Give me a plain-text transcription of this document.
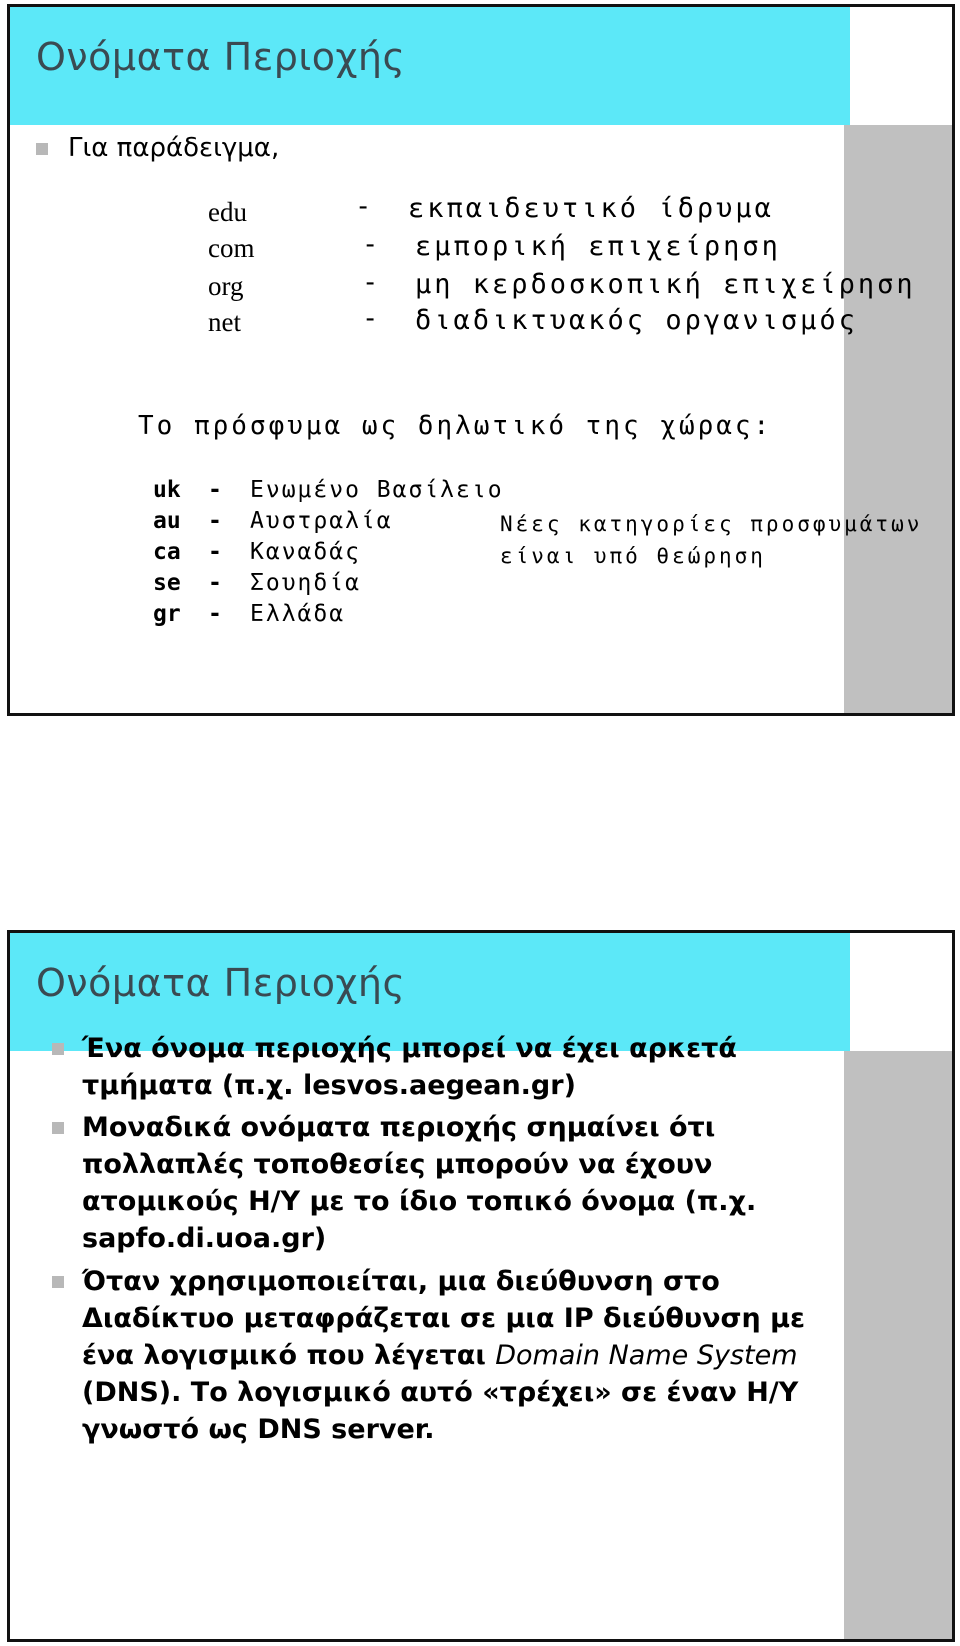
Ονόματα Περιοχής

Για παράδειγμα,

edu	- εκπαιδευτικό ίδρυμα
com	- εμπορική επιχείρηση
org	- μη κερδοσκοπική επιχείρηση
net	- διαδικτυακός οργανισμός

Το πρόσφυμα ως δηλωτικό της χώρας:

uk - Ενωμένο Βασίλειο
au - Αυστραλία
ca - Καναδάς
se - Σουηδία
gr - Ελλάδα
Νέες κατηγορίες προσφυμάτων
είναι υπό θεώρηση
Ονόματα Περιοχής
Ένα όνομα περιοχής μπορεί να έχει αρκετά
τμήματα (π.χ. lesvos.aegean.gr)
Μοναδικά ονόματα περιοχής σημαίνει ότι
πολλαπλές τοποθεσίες μπορούν να έχουν
ατομικούς Η/Υ με το ίδιο τοπικό όνομα (π.χ.
sapfo.di.uoa.gr)
Όταν χρησιμοποιείται, μια διεύθυνση στο
Διαδίκτυο μεταφράζεται σε μια IP διεύθυνση με
ένα λογισμικό που λέγεται Domain Name System
(DNS). Το λογισμικό αυτό «τρέχει» σε έναν Η/Υ
γνωστό ως DNS server.
